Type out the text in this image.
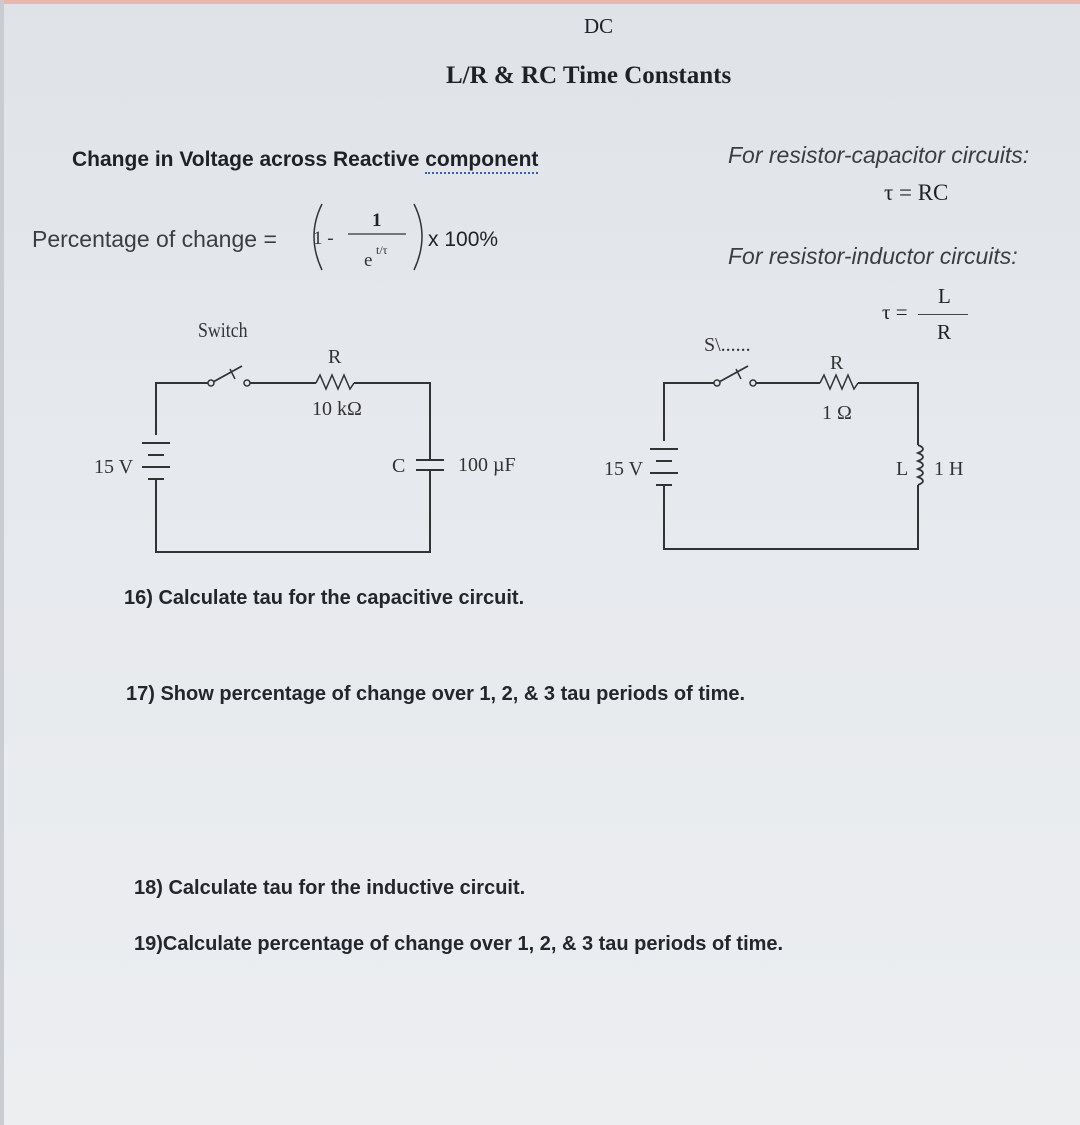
DC
L/R & RC Time Constants
Change in Voltage across Reactive component
Percentage of change = 1 -
1
e t/τ x 100%
For resistor-capacitor circuits:
τ = RC
For resistor-inductor circuits:
τ =
L
R
Switch
R
10 kΩ
C	100 µF
15 V
S\......
R
1 Ω
L 1 H
15 V
16) Calculate tau for the capacitive circuit.
17) Show percentage of change over 1, 2, & 3 tau periods of time.
18) Calculate tau for the inductive circuit.
19)Calculate percentage of change over 1, 2, & 3 tau periods of time.
